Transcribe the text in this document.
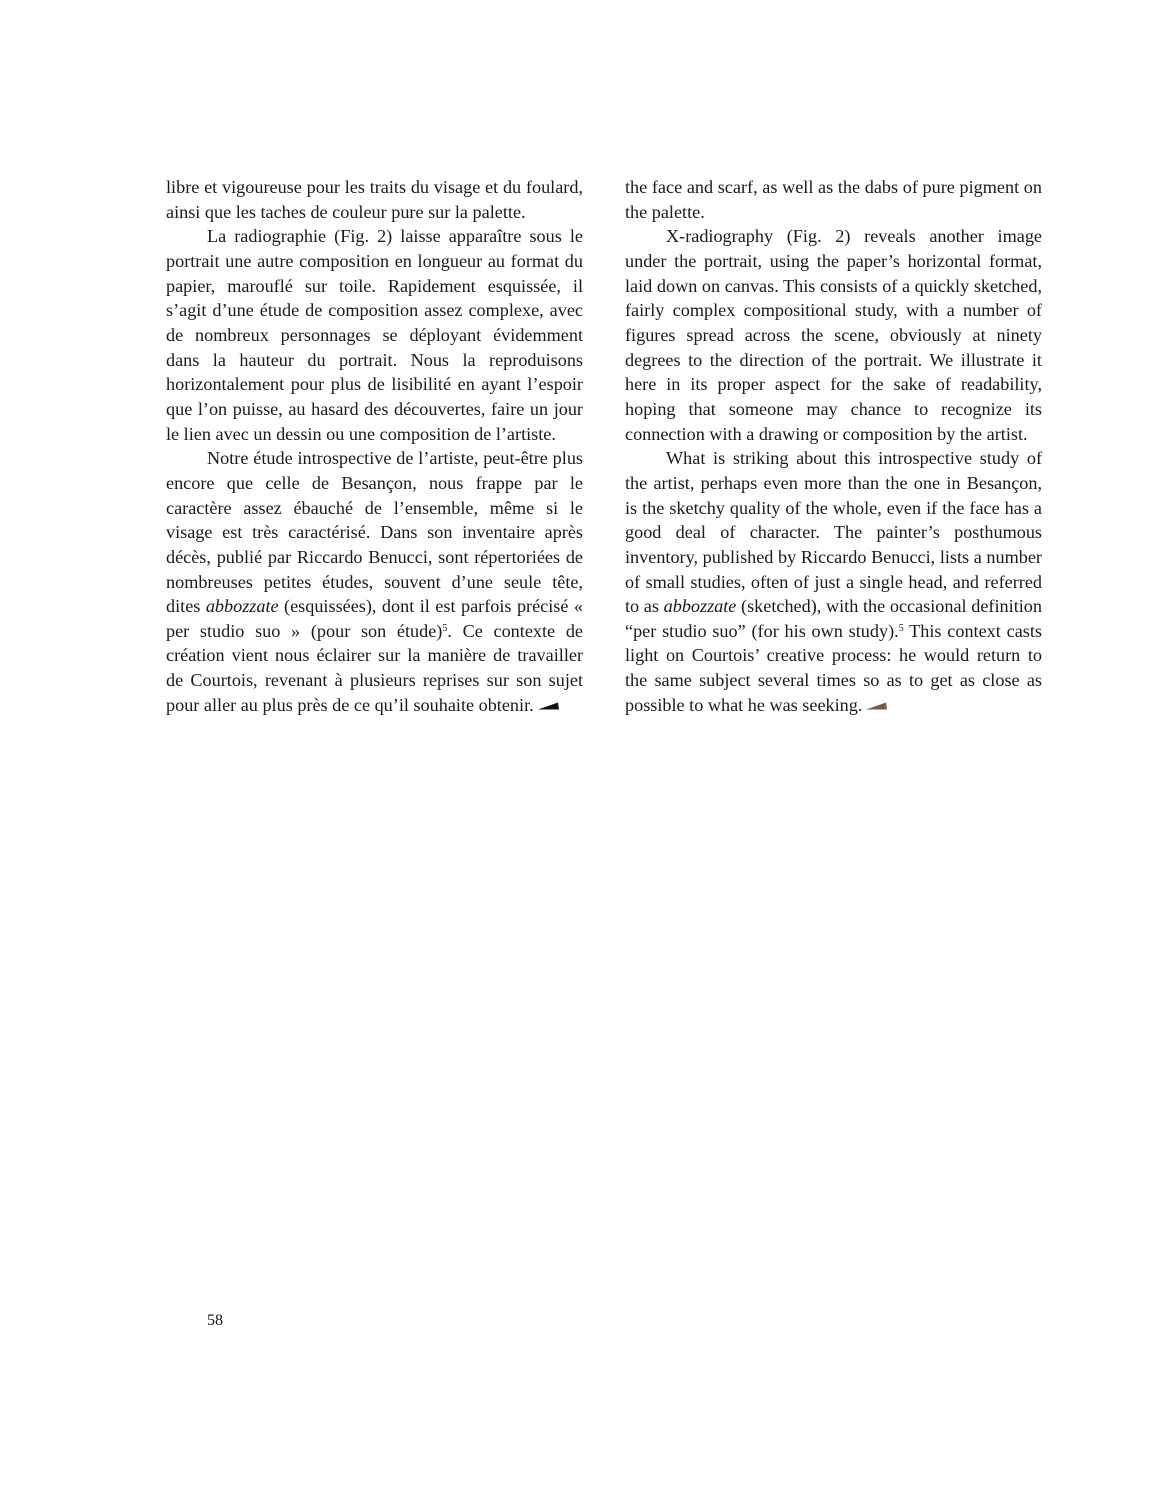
libre et vigoureuse pour les traits du visage et du foulard, ainsi que les taches de couleur pure sur la palette.

La radiographie (Fig. 2) laisse apparaître sous le portrait une autre composition en longueur au format du papier, marouflé sur toile. Rapidement esquissée, il s’agit d’une étude de composition assez complexe, avec de nombreux personnages se déployant évidemment dans la hauteur du portrait. Nous la reproduisons horizontalement pour plus de lisibilité en ayant l’espoir que l’on puisse, au hasard des découvertes, faire un jour le lien avec un dessin ou une composition de l’artiste.

Notre étude introspective de l’artiste, peut-être plus encore que celle de Besançon, nous frappe par le caractère assez ébauché de l’ensemble, même si le visage est très caractérisé. Dans son inventaire après décès, publié par Riccardo Benucci, sont répertoriées de nombreuses petites études, souvent d’une seule tête, dites abbozzate (esquissées), dont il est parfois précisé « per studio suo » (pour son étude)$^5$. Ce contexte de création vient nous éclairer sur la manière de travailler de Courtois, revenant à plusieurs reprises sur son sujet pour aller au plus près de ce qu’il souhaite obtenir.

the face and scarf, as well as the dabs of pure pigment on the palette.

X-radiography (Fig. 2) reveals another image under the portrait, using the paper’s horizontal format, laid down on canvas. This consists of a quickly sketched, fairly complex compositional study, with a number of figures spread across the scene, obviously at ninety degrees to the direction of the portrait. We illustrate it here in its proper aspect for the sake of readability, hoping that someone may chance to recognize its connection with a drawing or composition by the artist.

What is striking about this introspective study of the artist, perhaps even more than the one in Besançon, is the sketchy quality of the whole, even if the face has a good deal of character. The painter’s posthumous inventory, published by Riccardo Benucci, lists a number of small studies, often of just a single head, and referred to as abbozzate (sketched), with the occasional definition “per studio suo” (for his own study).$^5$ This context casts light on Courtois’ creative process: he would return to the same subject several times so as to get as close as possible to what he was seeking.

58
